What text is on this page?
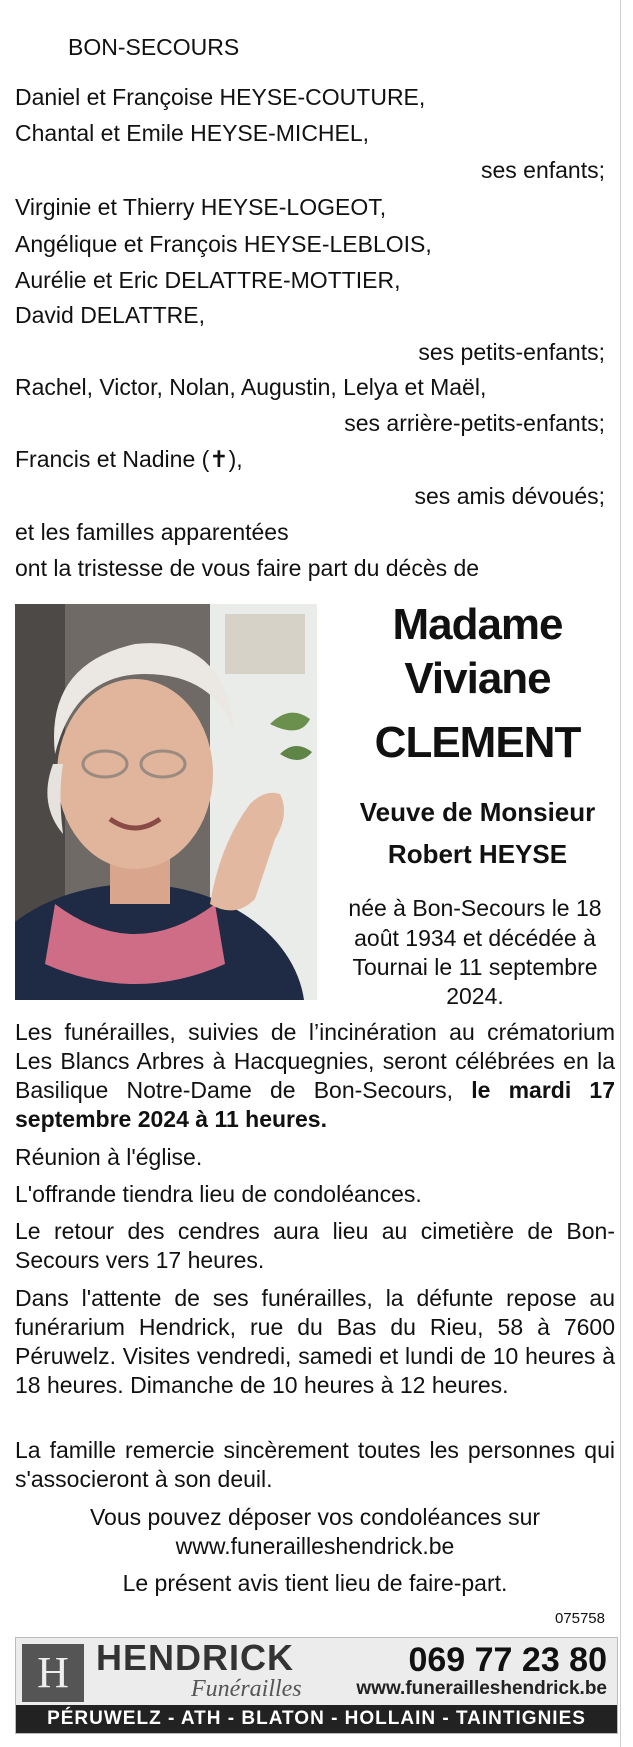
BON-SECOURS
Daniel et Françoise HEYSE-COUTURE,
Chantal et Emile HEYSE-MICHEL,
ses enfants;
Virginie et Thierry HEYSE-LOGEOT,
Angélique et François HEYSE-LEBLOIS,
Aurélie et Eric DELATTRE-MOTTIER,
David DELATTRE,
ses petits-enfants;
Rachel, Victor, Nolan, Augustin, Lelya et Maël,
ses arrière-petits-enfants;
Francis et Nadine (✝),
ses amis dévoués;
et les familles apparentées
ont la tristesse de vous faire part du décès de
Madame
Viviane
CLEMENT
Veuve de Monsieur
Robert HEYSE
née à Bon-Secours le 18
août 1934 et décédée à
Tournai le 11 septembre
2024.
Les funérailles, suivies de l’incinération au crématorium Les Blancs Arbres à Hacquegnies, seront célébrées en la Basilique Notre-Dame de Bon-Secours, le mardi 17 septembre 2024 à 11 heures.
Réunion à l'église.
L'offrande tiendra lieu de condoléances.
Le retour des cendres aura lieu au cimetière de Bon-Secours vers 17 heures.
Dans l'attente de ses funérailles, la défunte repose au funérarium Hendrick, rue du Bas du Rieu, 58 à 7600 Péruwelz. Visites vendredi, samedi et lundi de 10 heures à 18 heures. Dimanche de 10 heures à 12 heures.
La famille remercie sincèrement toutes les personnes qui s'associeront à son deuil.
Vous pouvez déposer vos condoléances sur
www.funerailleshendrick.be
Le présent avis tient lieu de faire-part.
075758
H HENDRICK
Funérailles
069 77 23 80
www.funerailleshendrick.be
PÉRUWELZ - ATH - BLATON - HOLLAIN - TAINTIGNIES
